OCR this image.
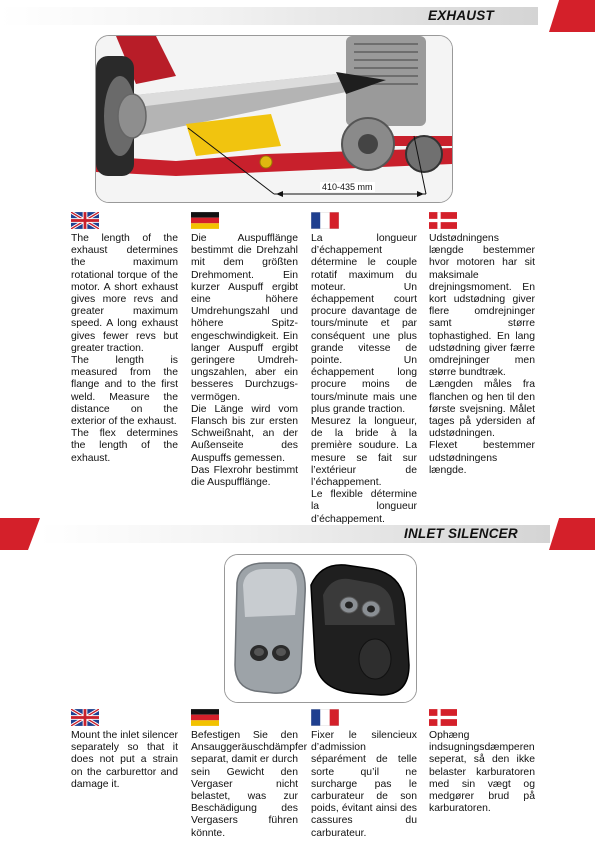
EXHAUST
410-435 mm

The length of the exhaust determines the maximum rotational torque of the motor. A short exhaust gives more revs and greater maximum speed. A long exhaust gives fewer revs but greater traction.

The length is measured from the flange and to the first weld. Measure the distance on the exterior of the exhaust.

The flex determines the length of the exhaust.

Die Auspufflänge bestimmt die Drehzahl mit dem größten Drehmoment. Ein kurzer Auspuff ergibt eine höhere Umdrehungszahl und höhere Spitz-engeschwindigkeit. Ein langer Auspuff ergibt geringere Umdreh-ungszahlen, aber ein besseres Durchzugs-vermögen.

Die Länge wird vom Flansch bis zur ersten Schweißnaht, an der Außenseite des Auspuffs gemessen.

Das Flexrohr bestimmt die Auspufflänge.

La longueur d’échappement détermine le couple rotatif maximum du moteur. Un échappement court procure davantage de tours/minute et par conséquent une plus grande vitesse de pointe. Un échappement long procure moins de tours/minute mais une plus grande traction.

Mesurez la longueur, de la bride à la première soudure. La mesure se fait sur l’extérieur de l’échappement.

Le flexible détermine la longueur d’échappement.

Udstødningens længde bestemmer hvor motoren har sit maksimale drejningsmoment. En kort udstødning giver flere omdrejninger samt større tophastighed. En lang udstødning giver færre omdrejninger men større bundtræk.

Længden måles fra flanchen og hen til den første svejsning. Målet tages på ydersiden af udstødningen.

Flexet bestemmer udstødningens længde.

INLET SILENCER

Mount the inlet silencer separately so that it does not put a strain on the carburettor and damage it.

Befestigen Sie den Ansauggeräuschdämpfer separat, damit er durch sein Gewicht den Vergaser nicht belastet, was zur Beschädigung des Vergasers führen könnte.

Fixer le silencieux d’admission séparément de telle sorte qu’il ne surcharge pas le carburateur de son poids, évitant ainsi des cassures du carburateur.

Ophæng indsugningsdæmperen seperat, så den ikke belaster karburatoren med sin vægt og medgører brud på karburatoren.
